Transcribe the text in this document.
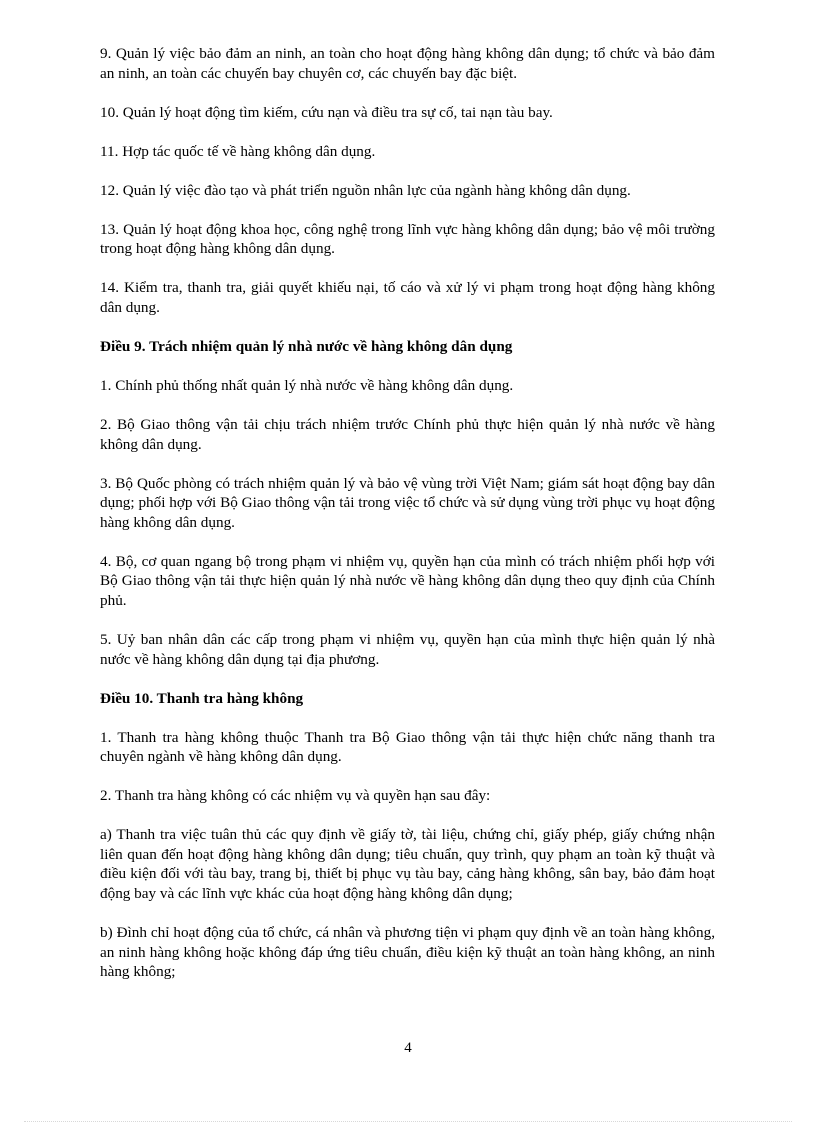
9. Quản lý việc bảo đảm an ninh, an toàn cho hoạt động hàng không dân dụng; tổ chức và bảo đảm an ninh, an toàn các chuyến bay chuyên cơ, các chuyến bay đặc biệt.

10. Quản lý hoạt động tìm kiếm, cứu nạn và điều tra sự cố, tai nạn tàu bay.

11. Hợp tác quốc tế về hàng không dân dụng.

12. Quản lý việc đào tạo và phát triển nguồn nhân lực của ngành hàng không dân dụng.

13. Quản lý hoạt động khoa học, công nghệ trong lĩnh vực hàng không dân dụng; bảo vệ môi trường trong hoạt động hàng không dân dụng.

14. Kiểm tra, thanh tra, giải quyết khiếu nại, tố cáo và xử lý vi phạm trong hoạt động hàng không dân dụng.

Điều 9. Trách nhiệm quản lý nhà nước về hàng không dân dụng

1. Chính phủ thống nhất quản lý nhà nước về hàng không dân dụng.

2. Bộ Giao thông vận tải chịu trách nhiệm trước Chính phủ thực hiện quản lý nhà nước về hàng không dân dụng.

3. Bộ Quốc phòng có trách nhiệm quản lý và bảo vệ vùng trời Việt Nam; giám sát hoạt động bay dân dụng; phối hợp với Bộ Giao thông vận tải trong việc tổ chức và sử dụng vùng trời phục vụ hoạt động hàng không dân dụng.

4. Bộ, cơ quan ngang bộ trong phạm vi nhiệm vụ, quyền hạn của mình có trách nhiệm phối hợp với Bộ Giao thông vận tải thực hiện quản lý nhà nước về hàng không dân dụng theo quy định của Chính phủ.

5. Uỷ ban nhân dân các cấp trong phạm vi nhiệm vụ, quyền hạn của mình thực hiện quản lý nhà nước về hàng không dân dụng tại địa phương.

Điều 10. Thanh tra hàng không

1. Thanh tra hàng không thuộc Thanh tra Bộ Giao thông vận tải thực hiện chức năng thanh tra chuyên ngành về hàng không dân dụng.

2. Thanh tra hàng không có các nhiệm vụ và quyền hạn sau đây:

a) Thanh tra việc tuân thủ các quy định về giấy tờ, tài liệu, chứng chỉ, giấy phép, giấy chứng nhận liên quan đến hoạt động hàng không dân dụng; tiêu chuẩn, quy trình, quy phạm an toàn kỹ thuật và điều kiện đối với tàu bay, trang bị, thiết bị phục vụ tàu bay, cảng hàng không, sân bay, bảo đảm hoạt động bay và các lĩnh vực khác của hoạt động hàng không dân dụng;

b) Đình chỉ hoạt động của tổ chức, cá nhân và phương tiện vi phạm quy định về an toàn hàng không, an ninh hàng không hoặc không đáp ứng tiêu chuẩn, điều kiện kỹ thuật an toàn hàng không, an ninh hàng không;

4
